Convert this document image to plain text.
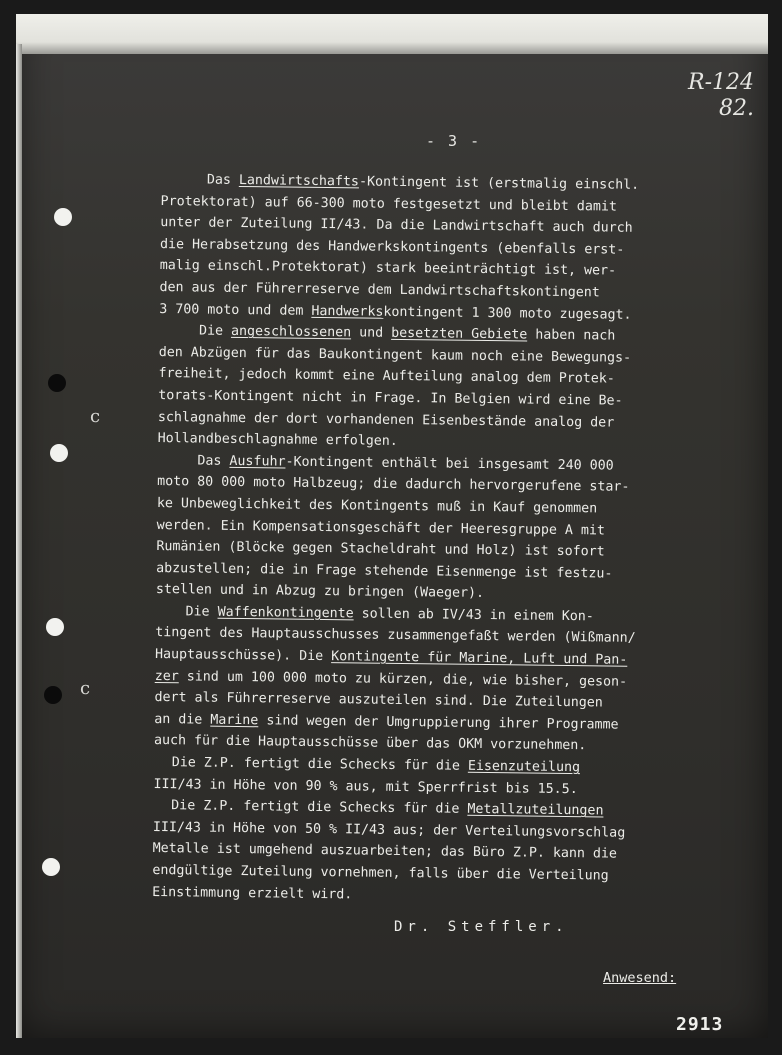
c
c
R-124
82.
- 3 -
Das Landwirtschafts-Kontingent ist (erstmalig einschl.
Protektorat) auf 66-300 moto festgesetzt und bleibt damit
unter der Zuteilung II/43. Da die Landwirtschaft auch durch
die Herabsetzung des Handwerkskontingents (ebenfalls erst-
malig einschl.Protektorat) stark beeinträchtigt ist, wer-
den aus der Führerreserve dem Landwirtschaftskontingent
3 700 moto und dem Handwerkskontingent 1 300 moto zugesagt.
Die angeschlossenen und besetzten Gebiete haben nach
den Abzügen für das Baukontingent kaum noch eine Bewegungs-
freiheit, jedoch kommt eine Aufteilung analog dem Protek-
torats-Kontingent nicht in Frage. In Belgien wird eine Be-
schlagnahme der dort vorhandenen Eisenbestände analog der
Hollandbeschlagnahme erfolgen.
Das Ausfuhr-Kontingent enthält bei insgesamt 240 000
moto 80 000 moto Halbzeug; die dadurch hervorgerufene star-
ke Unbeweglichkeit des Kontingents muß in Kauf genommen
werden. Ein Kompensationsgeschäft der Heeresgruppe A mit
Rumänien (Blöcke gegen Stacheldraht und Holz) ist sofort
abzustellen; die in Frage stehende Eisenmenge ist festzu-
stellen und in Abzug zu bringen (Waeger).
Die Waffenkontingente sollen ab IV/43 in einem Kon-
tingent des Hauptausschusses zusammengefaßt werden (Wißmann/
Hauptausschüsse). Die Kontingente für Marine, Luft und Pan-
zer sind um 100 000 moto zu kürzen, die, wie bisher, geson-
dert als Führerreserve auszuteilen sind. Die Zuteilungen
an die Marine sind wegen der Umgruppierung ihrer Programme
auch für die Hauptausschüsse über das OKM vorzunehmen.
Die Z.P. fertigt die Schecks für die Eisenzuteilung
III/43 in Höhe von 90 % aus, mit Sperrfrist bis 15.5.
Die Z.P. fertigt die Schecks für die Metallzuteilungen
III/43 in Höhe von 50 % II/43 aus; der Verteilungsvorschlag
Metalle ist umgehend auszuarbeiten; das Büro Z.P. kann die
endgültige Zuteilung vornehmen, falls über die Verteilung
Einstimmung erzielt wird.
Dr. Steffler.
Anwesend:
2913
